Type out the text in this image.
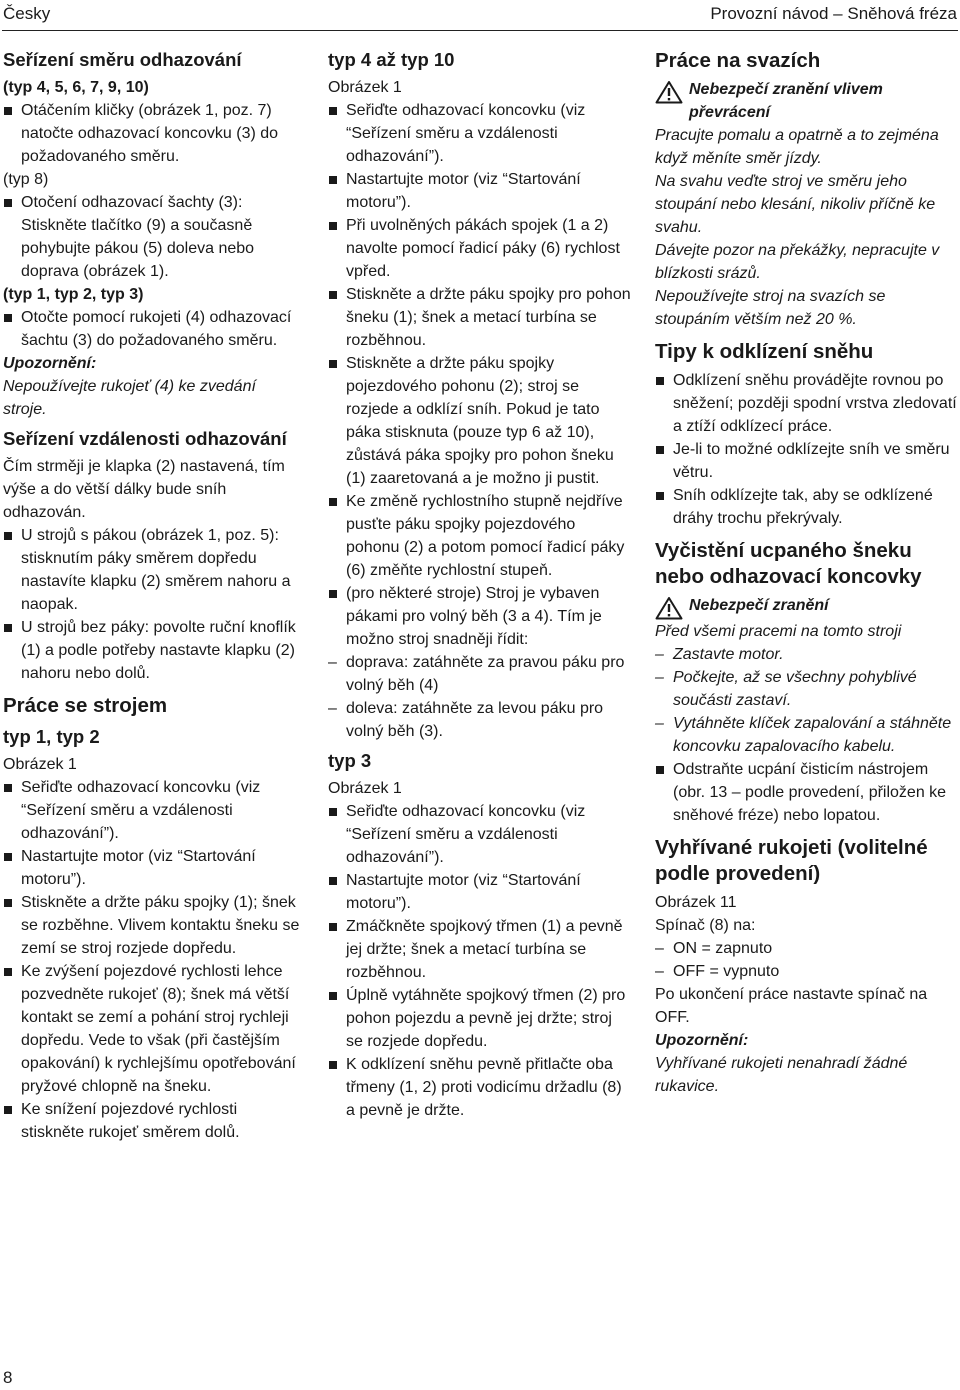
Česky	Provozní návod – Sněhová fréza
Seřízení směru odhazování
(typ 4, 5, 6, 7, 9, 10)
Otáčením kličky (obrázek 1, poz. 7) natočte odhazovací koncovku (3) do požadovaného směru.
(typ 8)
Otočení odhazovací šachty (3): Stiskněte tlačítko (9) a současně pohybujte pákou (5) doleva nebo doprava (obrázek 1).
(typ 1, typ 2, typ 3)
Otočte pomocí rukojeti (4) odhazovací šachtu (3) do požadovaného směru.
Upozornění:
Nepoužívejte rukojeť (4) ke zvedání stroje.
Seřízení vzdálenosti odhazování
Čím strměji je klapka (2) nastavená, tím výše a do větší dálky bude sníh odhazován.
U strojů s pákou (obrázek 1, poz. 5): stisknutím páky směrem dopředu nastavíte klapku (2) směrem nahoru a naopak.
U strojů bez páky: povolte ruční knoflík (1) a podle potřeby nastavte klapku (2) nahoru nebo dolů.
Práce se strojem
typ 1, typ 2
Obrázek 1
Seřiďte odhazovací koncovku (viz “Seřízení směru a vzdálenosti odhazování”).
Nastartujte motor (viz “Startování motoru”).
Stiskněte a držte páku spojky (1); šnek se rozběhne. Vlivem kontaktu šneku se zemí se stroj rozjede dopředu.
Ke zvýšení pojezdové rychlosti lehce pozvedněte rukojeť (8); šnek má větší kontakt se zemí a pohání stroj rychleji dopředu. Vede to však (při častějším opakování) k rychlejšímu opotřebování pryžové chlopně na šneku.
Ke snížení pojezdové rychlosti stiskněte rukojeť směrem dolů.
typ 4 až typ 10
Obrázek 1
Seřiďte odhazovací koncovku (viz “Seřízení směru a vzdálenosti odhazování”).
Nastartujte motor (viz “Startování motoru”).
Při uvolněných pákách spojek (1 a 2) navolte pomocí řadicí páky (6) rychlost vpřed.
Stiskněte a držte páku spojky pro pohon šneku (1); šnek a metací turbína se rozběhnou.
Stiskněte a držte páku spojky pojezdového pohonu (2); stroj se rozjede a odklízí sníh. Pokud je tato páka stisknuta (pouze typ 6 až 10), zůstává páka spojky pro pohon šneku (1) zaaretovaná a je možno ji pustit.
Ke změně rychlostního stupně nejdříve pusťte páku spojky pojezdového pohonu (2) a potom pomocí řadicí páky (6) změňte rychlostní stupeň.
(pro některé stroje) Stroj je vybaven pákami pro volný běh (3 a 4). Tím je možno stroj snadněji řídit:
– doprava: zatáhněte za pravou páku pro volný běh (4)
– doleva: zatáhněte za levou páku pro volný běh (3).
typ 3
Obrázek 1
Seřiďte odhazovací koncovku (viz “Seřízení směru a vzdálenosti odhazování”).
Nastartujte motor (viz “Startování motoru”).
Zmáčkněte spojkový třmen (1) a pevně jej držte; šnek a metací turbína se rozběhnou.
Úplně vytáhněte spojkový třmen (2) pro pohon pojezdu a pevně jej držte; stroj se rozjede dopředu.
K odklízení sněhu pevně přitlačte oba třmeny (1, 2) proti vodicímu držadlu (8) a pevně je držte.
Práce na svazích
Nebezpečí zranění vlivem převrácení
Pracujte pomalu a opatrně a to zejména když měníte směr jízdy.
Na svahu veďte stroj ve směru jeho stoupání nebo klesání, nikoliv příčně ke svahu.
Dávejte pozor na překážky, nepracujte v blízkosti srázů.
Nepoužívejte stroj na svazích se stoupáním větším než 20 %.
Tipy k odklízení sněhu
Odklízení sněhu provádějte rovnou po sněžení; později spodní vrstva zledovatí a ztíží odklízecí práce.
Je-li to možné odklízejte sníh ve směru větru.
Sníh odklízejte tak, aby se odklízené dráhy trochu překrývaly.
Vyčistění ucpaného šneku nebo odhazovací koncovky
Nebezpečí zranění
Před všemi pracemi na tomto stroji
– Zastavte motor.
– Počkejte, až se všechny pohyblivé součásti zastaví.
– Vytáhněte klíček zapalování a stáhněte koncovku zapalovacího kabelu.
Odstraňte ucpání čisticím nástrojem (obr. 13 – podle provedení, přiložen ke sněhové fréze) nebo lopatou.
Vyhřívané rukojeti (volitelné podle provedení)
Obrázek 11
Spínač (8) na:
– ON = zapnuto
– OFF = vypnuto
Po ukončení práce nastavte spínač na OFF.
Upozornění:
Vyhřívané rukojeti nenahradí žádné rukavice.
8
